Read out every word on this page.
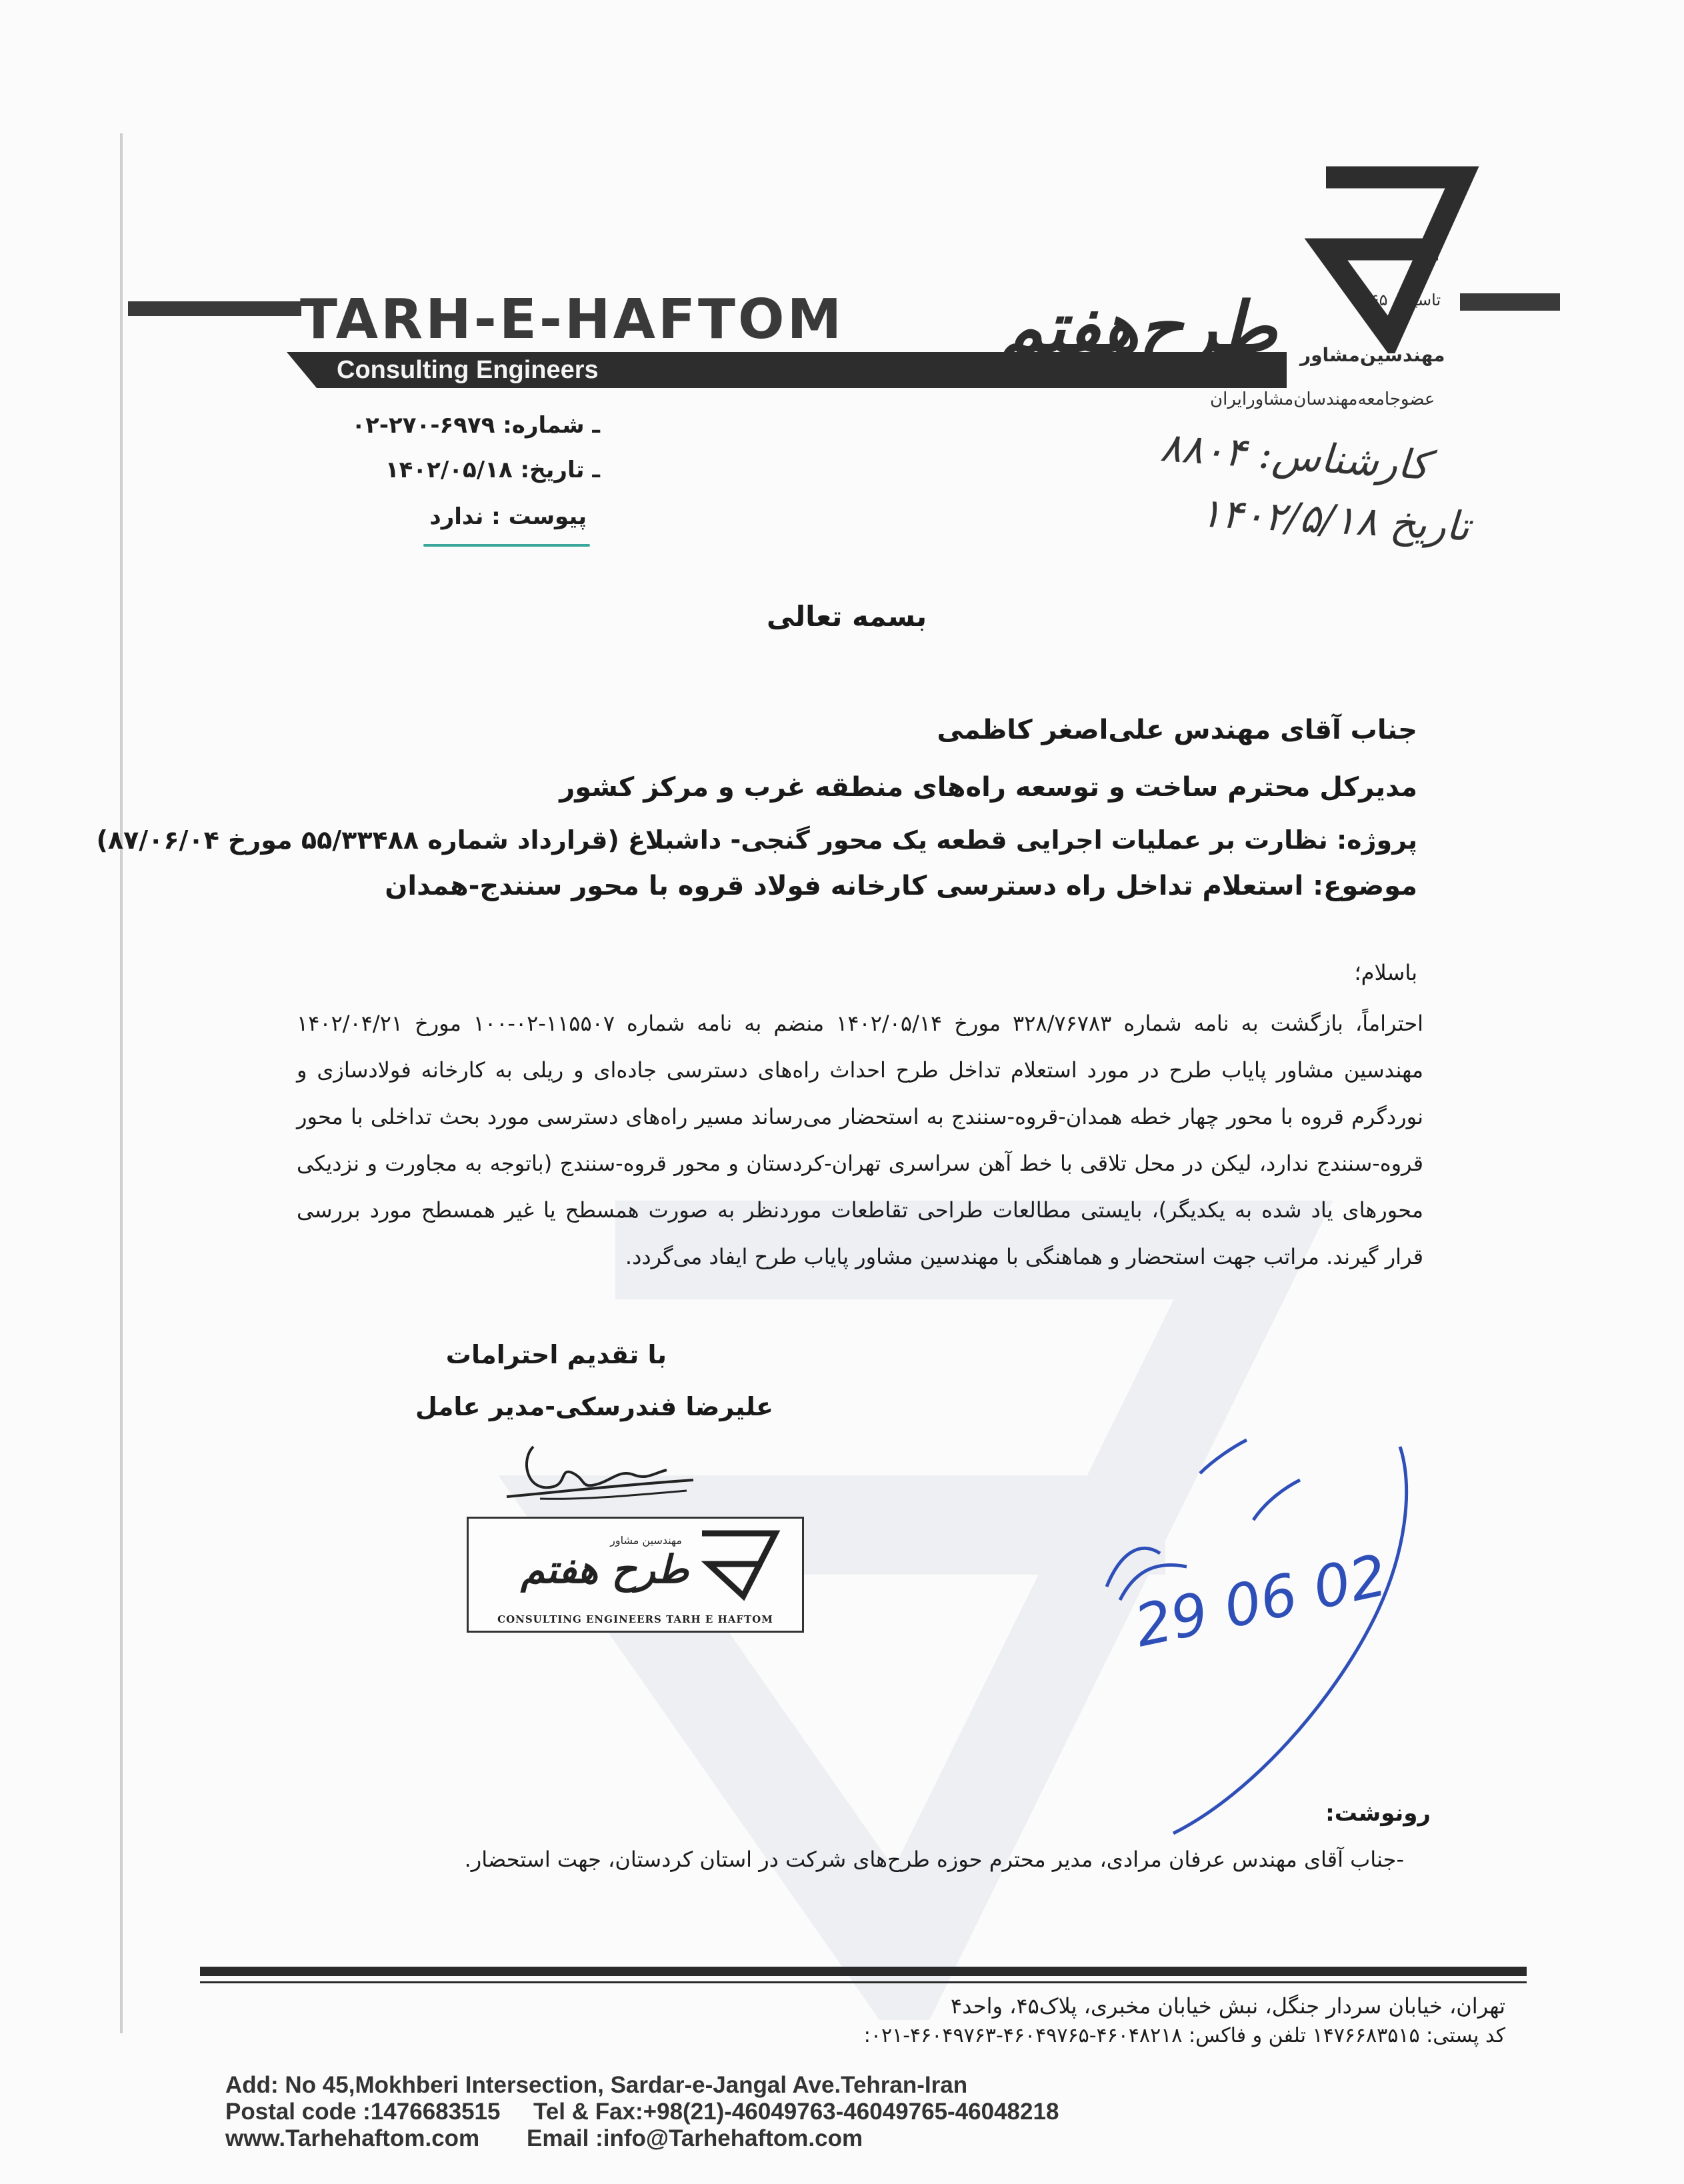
TARH-E-HAFTOM
Consulting Engineers
طرح‌هفتم مهندسین‌مشاور
عضوجامعه‌مهندسان‌مشاورایران
تاسیس ۱۳۶۵
ـ شماره: ۶۹۷۹-۲۷۰-۰۲
ـ تاریخ: ۱۴۰۲/۰۵/۱۸
پیوست : ندارد
کارشناس: ۸۸۰۴
تاریخ ۱۴۰۲/۵/۱۸
بسمه تعالی
جناب آقای مهندس علی‌اصغر کاظمی
مدیرکل محترم ساخت و توسعه راه‌های منطقه غرب و مرکز کشور
پروژه: نظارت بر عملیات اجرایی قطعه یک محور گنجی- داشبلاغ (قرارداد شماره ۵۵/۳۳۴۸۸ مورخ ۸۷/۰۶/۰۴)
موضوع: استعلام تداخل راه دسترسی کارخانه فولاد قروه با محور سنندج-همدان
باسلام؛
احتراماً، بازگشت به نامه شماره ۳۲۸/۷۶۷۸۳ مورخ ۱۴۰۲/۰۵/۱۴ منضم به نامه شماره ۱۱۵۵۰۷-۰۲-۱۰۰ مورخ ۱۴۰۲/۰۴/۲۱ مهندسین مشاور پایاب طرح در مورد استعلام تداخل طرح احداث راه‌های دسترسی جاده‌ای و ریلی به کارخانه فولادسازی و نوردگرم قروه با محور چهار خطه همدان-قروه-سنندج به استحضار می‌رساند مسیر راه‌های دسترسی مورد بحث تداخلی با محور قروه-سنندج ندارد، لیکن در محل تلاقی با خط آهن سراسری تهران-کردستان و محور قروه-سنندج (باتوجه به مجاورت و نزدیکی محورهای یاد شده به یکدیگر)، بایستی مطالعات طراحی تقاطعات موردنظر به صورت همسطح یا غیر همسطح مورد بررسی قرار گیرند. مراتب جهت استحضار و هماهنگی با مهندسین مشاور پایاب طرح ایفاد می‌گردد.
با تقدیم احترامات
علیرضا فندرسکی-مدیر عامل
مهندسین مشاور
طرح هفتم
CONSULTING ENGINEERS TARH E HAFTOM	29 06 02
رونوشت:
-جناب آقای مهندس عرفان مرادی، مدیر محترم حوزه طرح‌های شرکت در استان کردستان، جهت استحضار.
تهران، خیابان سردار جنگل، نبش خیابان مخبری، پلاک۴۵، واحد۴
کد پستی: ۱۴۷۶۶۸۳۵۱۵ تلفن و فاکس: ۴۶۰۴۸۲۱۸-۴۶۰۴۹۷۶۵-۴۶۰۴۹۷۶۳-۰۲۱:
Add: No 45,Mokhberi Intersection, Sardar-e-Jangal Ave.Tehran-Iran
Postal code :1476683515 Tel & Fax:+98(21)-46049763-46049765-46048218
www.Tarhehaftom.com Email :info@Tarhehaftom.com
